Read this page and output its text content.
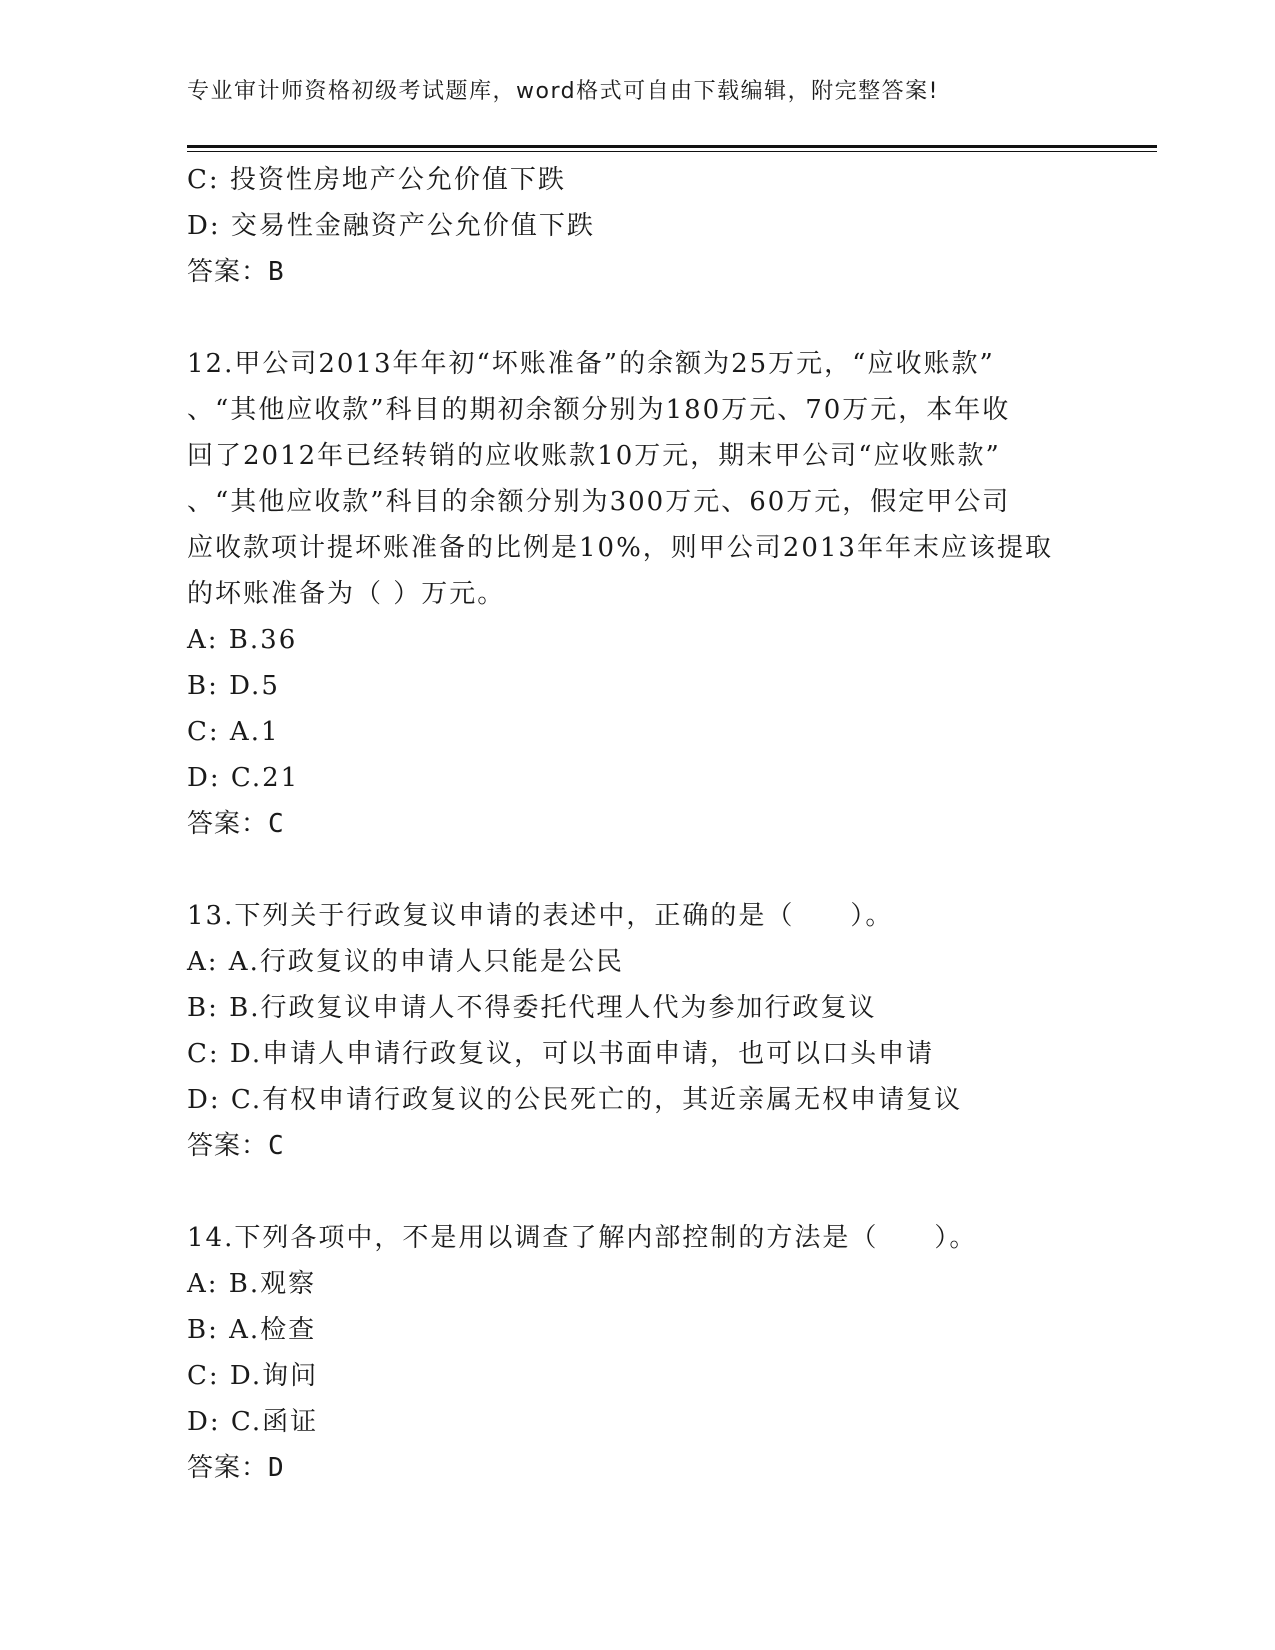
专业审计师资格初级考试题库，word格式可自由下载编辑，附完整答案!
C: 投资性房地产公允价值下跌
D: 交易性金融资产公允价值下跌
答案：B
12.甲公司2013年年初“坏账准备”的余额为25万元，“应收账款”
、“其他应收款”科目的期初余额分别为180万元、70万元，本年收
回了2012年已经转销的应收账款10万元，期末甲公司“应收账款”
、“其他应收款”科目的余额分别为300万元、60万元，假定甲公司
应收款项计提坏账准备的比例是10%，则甲公司2013年年末应该提取
的坏账准备为（ ）万元。
A: B.36
B: D.5
C: A.1
D: C.21
答案：C
13.下列关于行政复议申请的表述中，正确的是（　　）。
A: A.行政复议的申请人只能是公民
B: B.行政复议申请人不得委托代理人代为参加行政复议
C: D.申请人申请行政复议，可以书面申请，也可以口头申请
D: C.有权申请行政复议的公民死亡的，其近亲属无权申请复议
答案：C
14.下列各项中，不是用以调查了解内部控制的方法是（　　）。
A: B.观察
B: A.检查
C: D.询问
D: C.函证
答案：D
